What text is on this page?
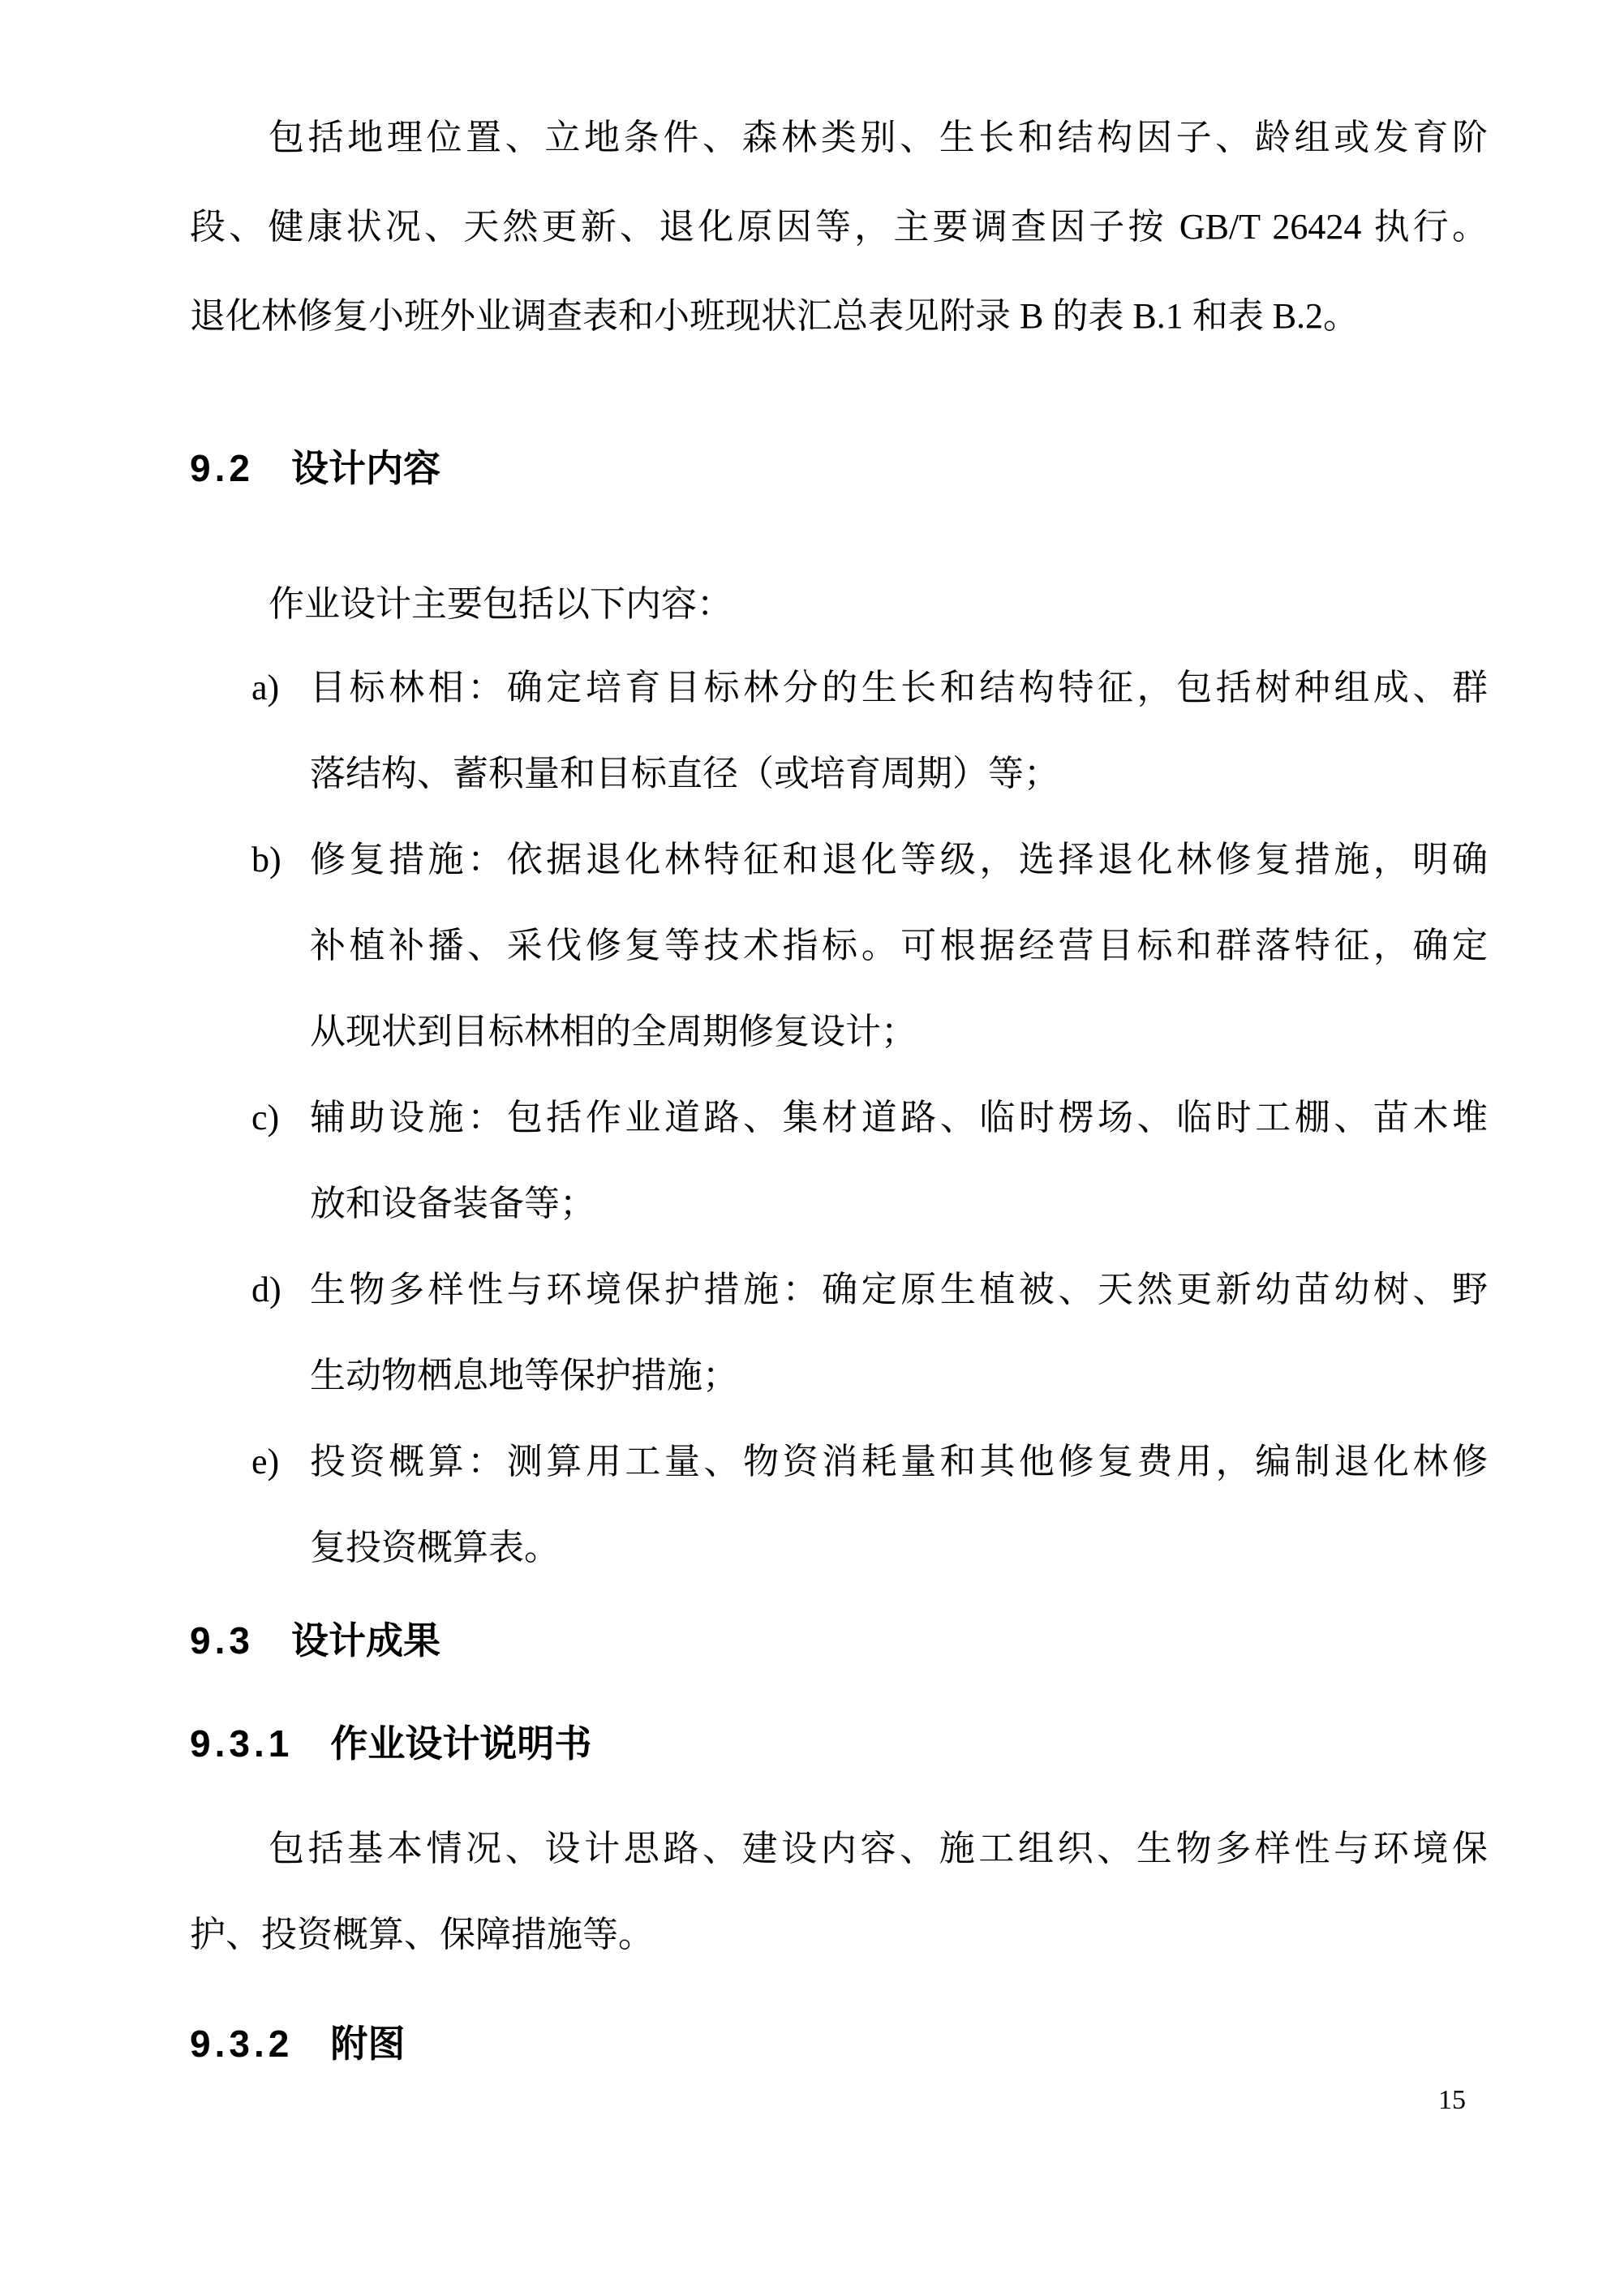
包括地理位置、立地条件、森林类别、生长和结构因子、龄组或发育阶
段、健康状况、天然更新、退化原因等，主要调查因子按 GB/T 26424 执行。
退化林修复小班外业调查表和小班现状汇总表见附录 B 的表 B.1 和表 B.2。
9.2 设计内容
作业设计主要包括以下内容：
a) 目标林相：确定培育目标林分的生长和结构特征，包括树种组成、群
落结构、蓄积量和目标直径（或培育周期）等；
b) 修复措施：依据退化林特征和退化等级，选择退化林修复措施，明确
补植补播、采伐修复等技术指标。可根据经营目标和群落特征，确定
从现状到目标林相的全周期修复设计；
c) 辅助设施：包括作业道路、集材道路、临时楞场、临时工棚、苗木堆
放和设备装备等；
d) 生物多样性与环境保护措施：确定原生植被、天然更新幼苗幼树、野
生动物栖息地等保护措施；
e) 投资概算：测算用工量、物资消耗量和其他修复费用，编制退化林修
复投资概算表。
9.3 设计成果
9.3.1 作业设计说明书
包括基本情况、设计思路、建设内容、施工组织、生物多样性与环境保
护、投资概算、保障措施等。
9.3.2 附图
15
